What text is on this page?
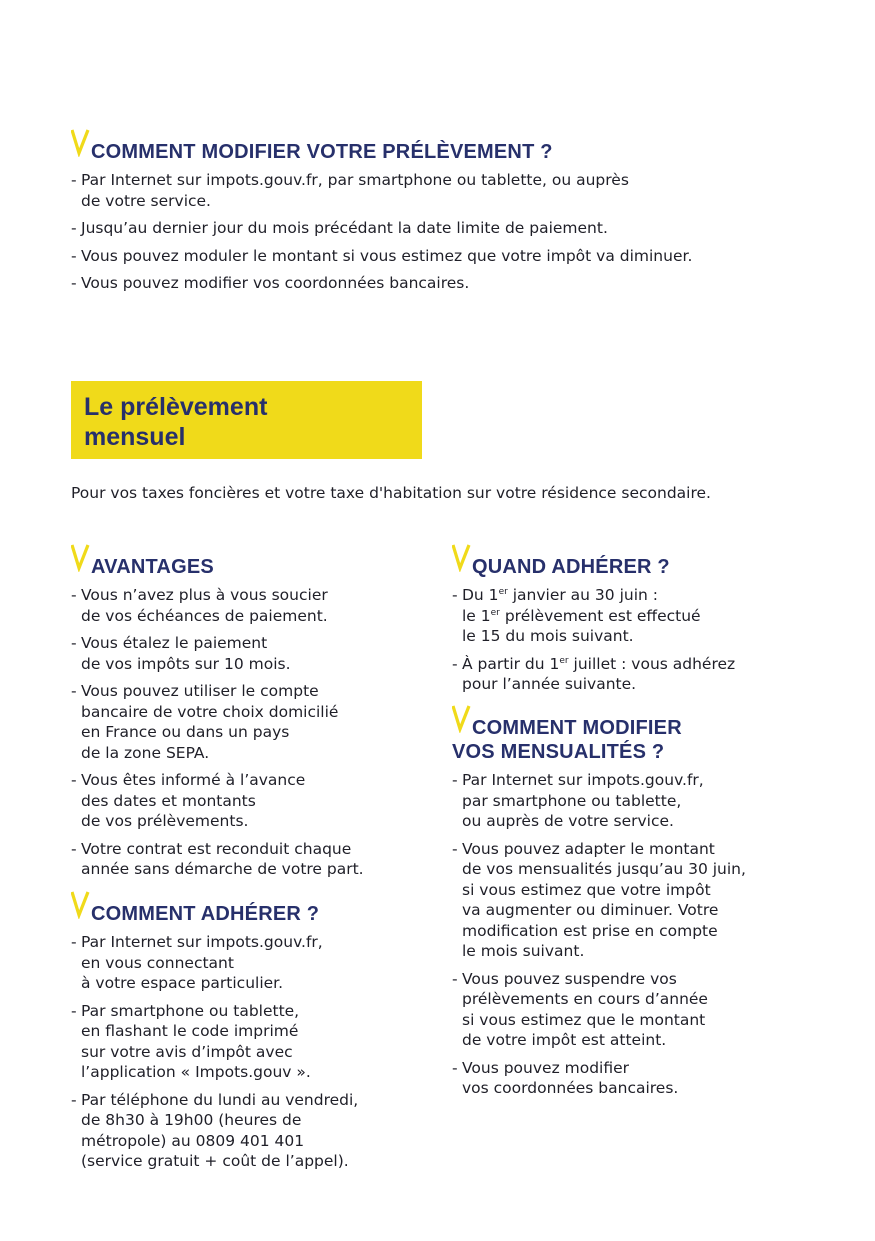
COMMENT MODIFIER VOTRE PRÉLÈVEMENT ?
- Par Internet sur impots.gouv.fr, par smartphone ou tablette, ou auprès
de votre service.
- Jusqu’au dernier jour du mois précédant la date limite de paiement.
- Vous pouvez moduler le montant si vous estimez que votre impôt va diminuer.
- Vous pouvez modifier vos coordonnées bancaires.
Le prélèvement
mensuel

Pour vos taxes foncières et votre taxe d'habitation sur votre résidence secondaire.

AVANTAGES
- Vous n’avez plus à vous soucier
de vos échéances de paiement.
- Vous étalez le paiement
de vos impôts sur 10 mois.
- Vous pouvez utiliser le compte
bancaire de votre choix domicilié
en France ou dans un pays
de la zone SEPA.
- Vous êtes informé à l’avance
des dates et montants
de vos prélèvements.
- Votre contrat est reconduit chaque
année sans démarche de votre part.
COMMENT ADHÉRER ?
- Par Internet sur impots.gouv.fr,
en vous connectant
à votre espace particulier.
- Par smartphone ou tablette,
en flashant le code imprimé
sur votre avis d’impôt avec
l’application « Impots.gouv ».
- Par téléphone du lundi au vendredi,
de 8h30 à 19h00 (heures de
métropole) au 0809 401 401
(service gratuit + coût de l’appel).
QUAND ADHÉRER ?
- Du 1er janvier au 30 juin :
le 1er prélèvement est effectué
le 15 du mois suivant.
- À partir du 1er juillet : vous adhérez
pour l’année suivante.
COMMENT MODIFIER
VOS MENSUALITÉS ?
- Par Internet sur impots.gouv.fr,
par smartphone ou tablette,
ou auprès de votre service.
- Vous pouvez adapter le montant
de vos mensualités jusqu’au 30 juin,
si vous estimez que votre impôt
va augmenter ou diminuer. Votre
modification est prise en compte
le mois suivant.
- Vous pouvez suspendre vos
prélèvements en cours d’année
si vous estimez que le montant
de votre impôt est atteint.
- Vous pouvez modifier
vos coordonnées bancaires.
